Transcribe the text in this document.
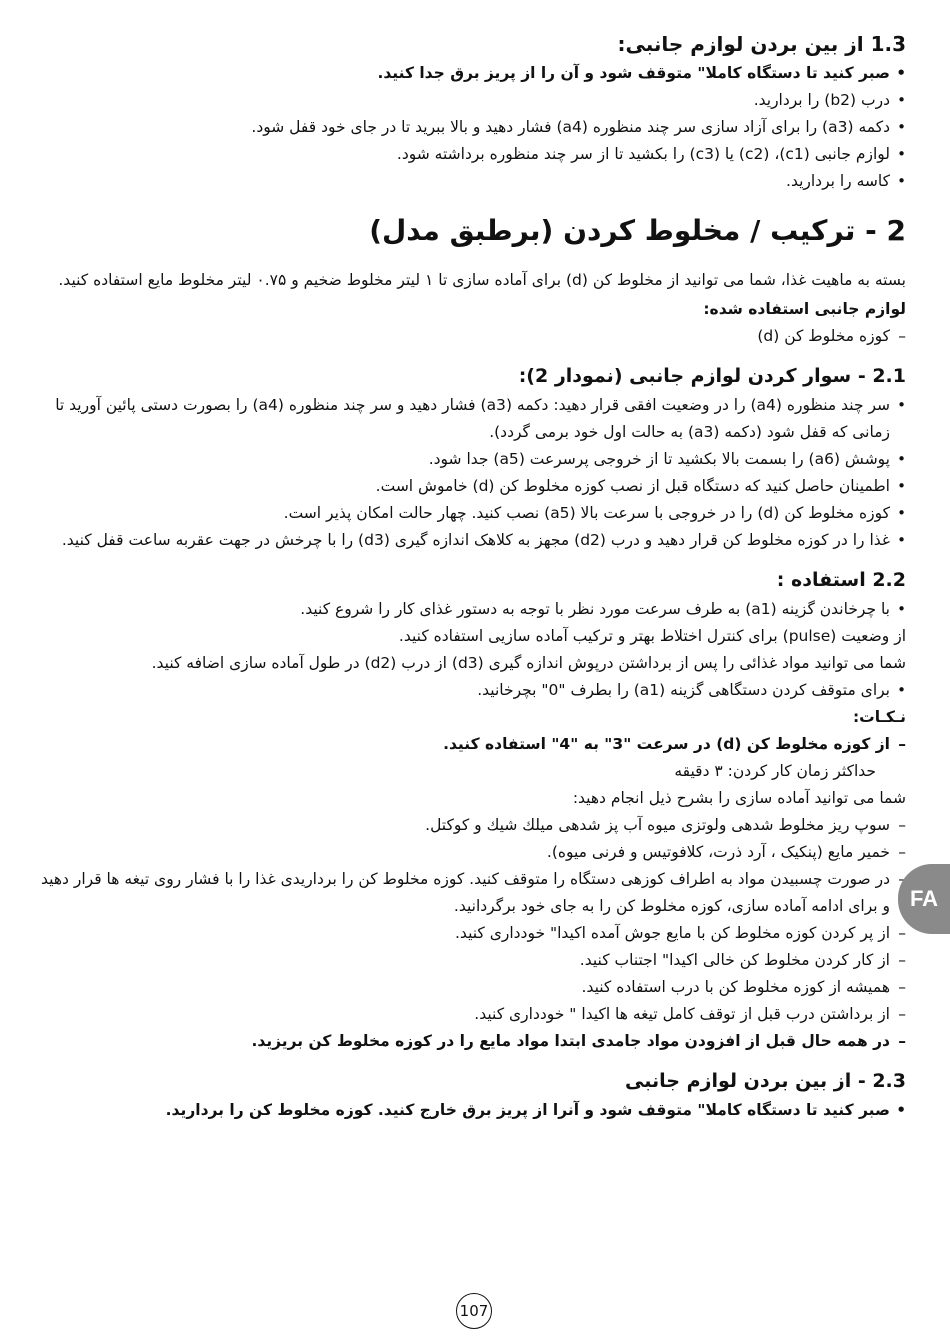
1.3 از بین بردن لوازم جانبی:
• صبر کنید تا دستگاه کاملا" متوقف شود و آن را از پریز برق جدا کنید.
• درب (b2) را بردارید.
• دکمه (a3) را برای آزاد سازی سر چند منظوره (a4) فشار دهید و بالا ببرید تا در جای خود قفل شود.
• لوازم جانبی (c1)، (c2) یا (c3) را بکشید تا از سر چند منظوره برداشته شود.
• کاسه را بردارید.
2 - ترکیب / مخلوط کردن (برطبق مدل)
بسته به ماهیت غذا، شما می توانید از مخلوط کن (d) برای آماده سازی تا ۱ لیتر مخلوط ضخیم و ۰.۷۵ لیتر مخلوط مایع استفاده کنید.
لوازم جانبی استفاده شده:
– کوزه مخلوط کن (d)
2.1 - سوار کردن لوازم جانبی (نمودار 2):
• سر چند منظوره (a4) را در وضعیت افقی قرار دهید: دکمه (a3) فشار دهید و سر چند منظوره (a4) را بصورت دستی پائین آورید تا زمانی که قفل شود (دکمه (a3) به حالت اول خود برمی گردد).
• پوشش (a6) را بسمت بالا بکشید تا از خروجی پرسرعت (a5) جدا شود.
• اطمینان حاصل کنید که دستگاه قبل از نصب کوزه مخلوط کن (d) خاموش است.
• کوزه مخلوط کن (d) را در خروجی با سرعت بالا (a5) نصب کنید. چهار حالت امکان پذیر است.
• غذا را در کوزه مخلوط کن قرار دهید و درب (d2) مجهز به کلاهک اندازه گیری (d3) را با چرخش در جهت عقربه ساعت قفل کنید.
2.2 استفاده :
• با چرخاندن گزینه (a1) به طرف سرعت مورد نظر با توجه به دستور غذای کار را شروع کنید.
از وضعیت (pulse) برای کنترل اختلاط بهتر و ترکیب آماده سازیی استفاده کنید.
شما می توانید مواد غذائی را پس از برداشتن درپوش اندازه گیری (d3) از درب (d2) در طول آماده سازی اضافه کنید.
• برای متوقف کردن دستگاهی گزینه (a1) را بطرف "0" بچرخانید.
نـکـات:
– از کوزه مخلوط کن (d) در سرعت "3" به "4" استفاده کنید.
حداکثر زمان کار کردن: ۳ دقیقه
شما می توانید آماده سازی را بشرح ذیل انجام دهید:
– سوپ ریز مخلوط شدهی ولوتزی میوه آب پز شدهی میلك شیك و كوكتل.
– خمیر مایع (پنکیک ، آرد ذرت، کلافوتیس و فرنی میوه).
– در صورت چسبیدن مواد به اطراف کوزهی دستگاه را متوقف کنید. کوزه مخلوط کن را برداریدی غذا را با فشار روی تیغه ها قرار دهید و برای ادامه آماده سازی، کوزه مخلوط کن را به جای خود برگردانید.
– از پر کردن کوزه مخلوط کن با مایع جوش آمده اکیدا" خودداری کنید.
– از کار کردن مخلوط کن خالی اکیدا" اجتناب کنید.
– همیشه از کوزه مخلوط کن با درب استفاده کنید.
– از برداشتن درب قبل از توقف کامل تیغه ها اکیدا " خودداری کنید.
– در همه حال قبل از افزودن مواد جامدی ابتدا مواد مایع را در کوزه مخلوط کن بریزید.
2.3 - از بین بردن لوازم جانبی
• صبر کنید تا دستگاه کاملا" متوقف شود و آنرا از پریز برق خارج کنید. کوزه مخلوط کن را بردارید.
FA
107
